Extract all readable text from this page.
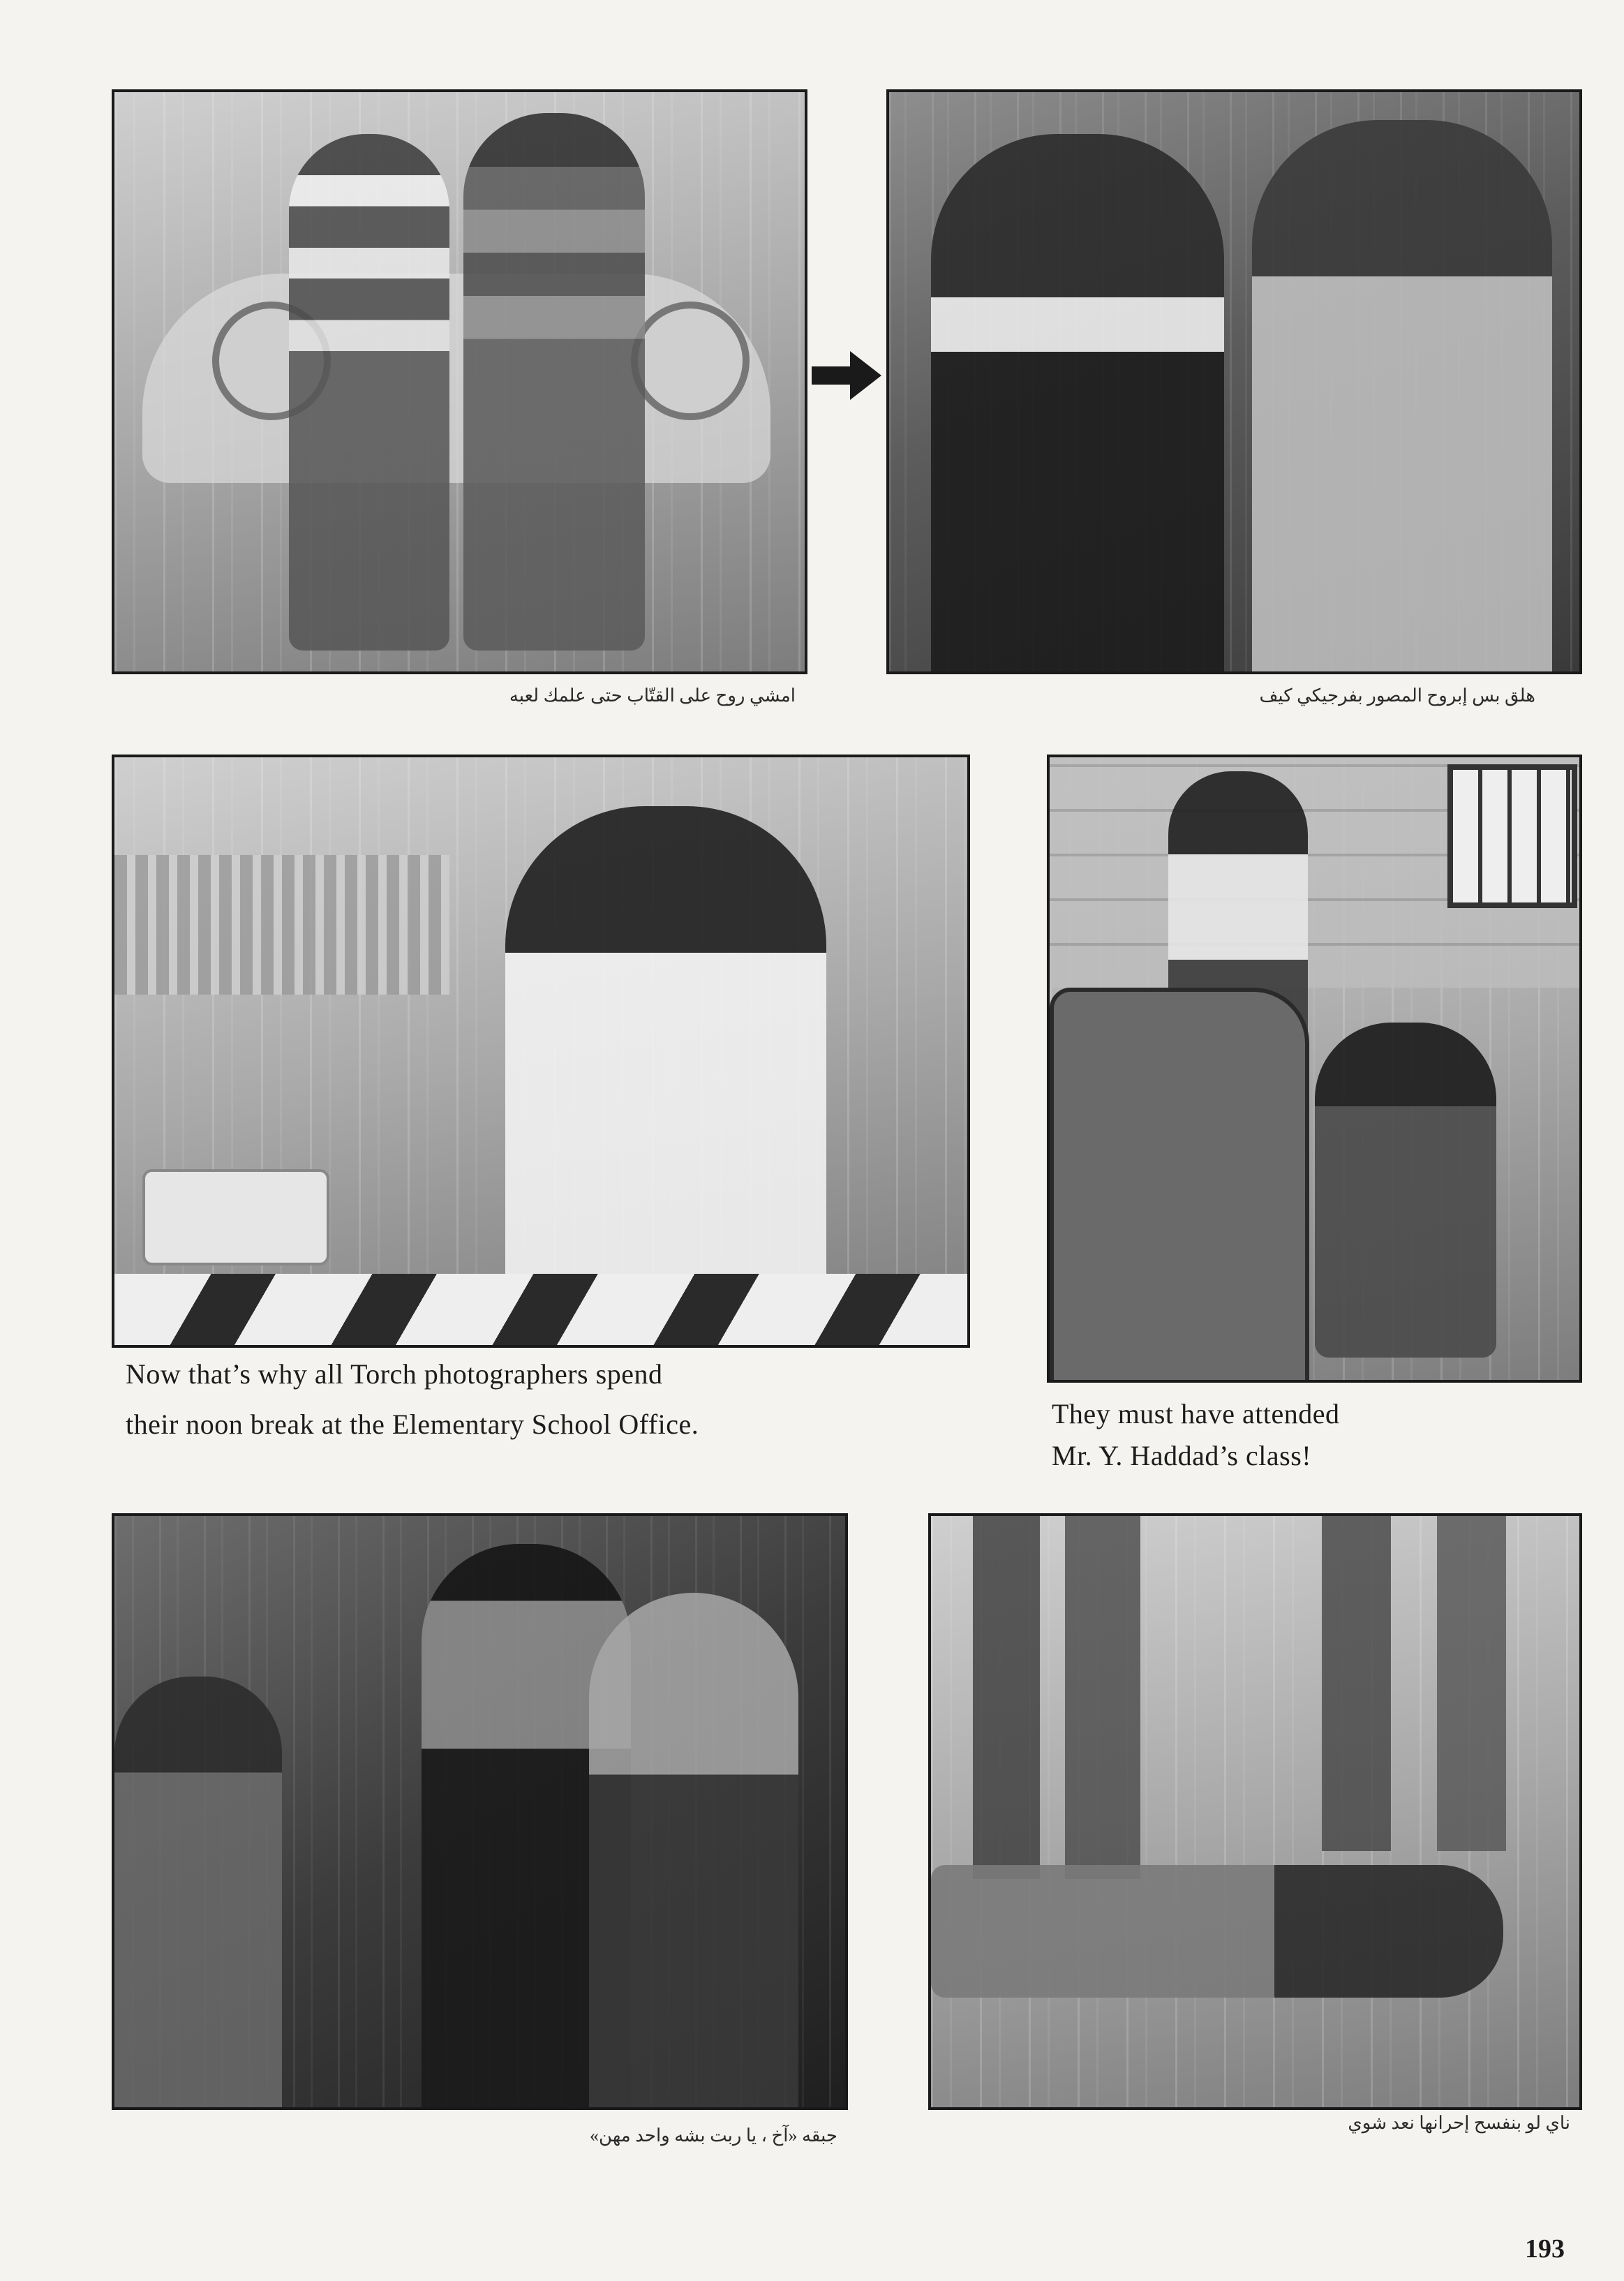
امشي روح على القتّاب حتى علمك لعبه	هلق بس إبروح المصور بفرجيكي كيف

Now that’s why all Torch photographers spend

their noon break at the Elementary School Office.	They must have attended

Mr. Y. Haddad’s class!

جبقه «آخ ، يا ربت بشه واحد مهن»

ناي لو بنفسح إحرانها نعد شوي

193
